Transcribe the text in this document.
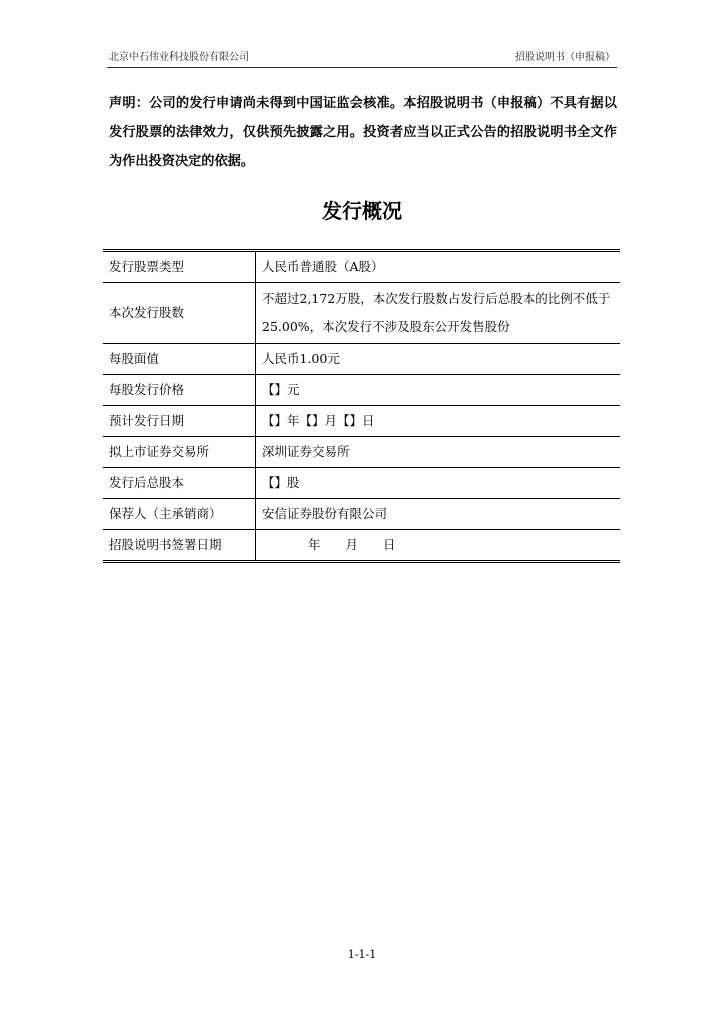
北京中石伟业科技股份有限公司	招股说明书（申报稿）
声明：公司的发行申请尚未得到中国证监会核准。本招股说明书（申报稿）不具有据以发行股票的法律效力，仅供预先披露之用。投资者应当以正式公告的招股说明书全文作为作出投资决定的依据。
发行概况
发行股票类型	人民币普通股（A股）
本次发行股数	不超过2,172万股，本次发行股数占发行后总股本的比例不低于25.00%，本次发行不涉及股东公开发售股份
每股面值	人民币1.00元
每股发行价格	【】元
预计发行日期	【】年【】月【】日
拟上市证券交易所	深圳证券交易所
发行后总股本	【】股
保荐人（主承销商）	安信证券股份有限公司
招股说明书签署日期	年　　月　　日
1-1-1
